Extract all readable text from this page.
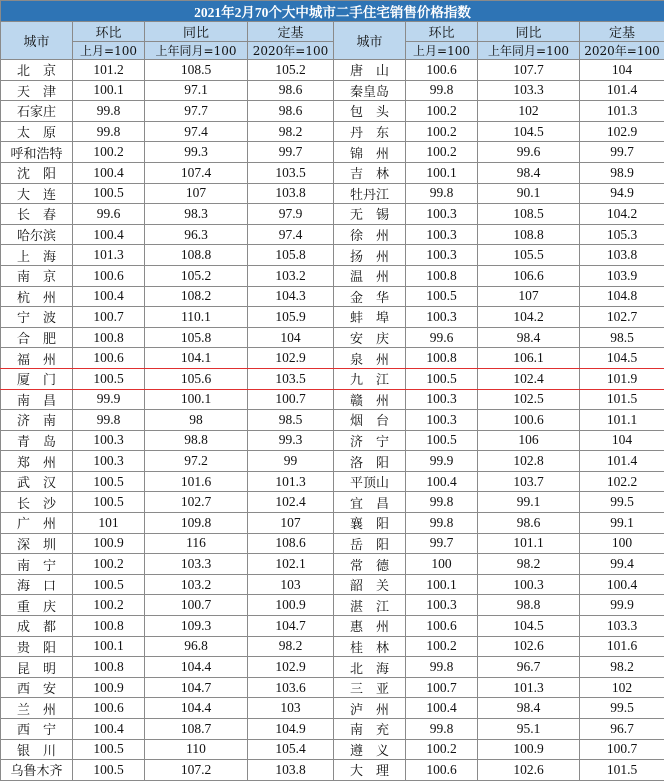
2021年2月70个大中城市二手住宅销售价格指数							
城市	环比	同比	定基	城市	环比	同比	定基
	上月=100	上年同月=100	2020年=100		上月=100	上年同月=100	2020年=100
北　京	101.2	108.5	105.2	唐　山	100.6	107.7	104
天　津	100.1	97.1	98.6	秦皇岛	99.8	103.3	101.4
石家庄	99.8	97.7	98.6	包　头	100.2	102	101.3
太　原	99.8	97.4	98.2	丹　东	100.2	104.5	102.9
呼和浩特	100.2	99.3	99.7	锦　州	100.2	99.6	99.7
沈　阳	100.4	107.4	103.5	吉　林	100.1	98.4	98.9
大　连	100.5	107	103.8	牡丹江	99.8	90.1	94.9
长　春	99.6	98.3	97.9	无　锡	100.3	108.5	104.2
哈尔滨	100.4	96.3	97.4	徐　州	100.3	108.8	105.3
上　海	101.3	108.8	105.8	扬　州	100.3	105.5	103.8
南　京	100.6	105.2	103.2	温　州	100.8	106.6	103.9
杭　州	100.4	108.2	104.3	金　华	100.5	107	104.8
宁　波	100.7	110.1	105.9	蚌　埠	100.3	104.2	102.7
合　肥	100.8	105.8	104	安　庆	99.6	98.4	98.5
福　州	100.6	104.1	102.9	泉　州	100.8	106.1	104.5
厦　门	100.5	105.6	103.5	九　江	100.5	102.4	101.9
南　昌	99.9	100.1	100.7	赣　州	100.3	102.5	101.5
济　南	99.8	98	98.5	烟　台	100.3	100.6	101.1
青　岛	100.3	98.8	99.3	济　宁	100.5	106	104
郑　州	100.3	97.2	99	洛　阳	99.9	102.8	101.4
武　汉	100.5	101.6	101.3	平顶山	100.4	103.7	102.2
长　沙	100.5	102.7	102.4	宜　昌	99.8	99.1	99.5
广　州	101	109.8	107	襄　阳	99.8	98.6	99.1
深　圳	100.9	116	108.6	岳　阳	99.7	101.1	100
南　宁	100.2	103.3	102.1	常　德	100	98.2	99.4
海　口	100.5	103.2	103	韶　关	100.1	100.3	100.4
重　庆	100.2	100.7	100.9	湛　江	100.3	98.8	99.9
成　都	100.8	109.3	104.7	惠　州	100.6	104.5	103.3
贵　阳	100.1	96.8	98.2	桂　林	100.2	102.6	101.6
昆　明	100.8	104.4	102.9	北　海	99.8	96.7	98.2
西　安	100.9	104.7	103.6	三　亚	100.7	101.3	102
兰　州	100.6	104.4	103	泸　州	100.4	98.4	99.5
西　宁	100.4	108.7	104.9	南　充	99.8	95.1	96.7
银　川	100.5	110	105.4	遵　义	100.2	100.9	100.7
乌鲁木齐	100.5	107.2	103.8	大　理	100.6	102.6	101.5
